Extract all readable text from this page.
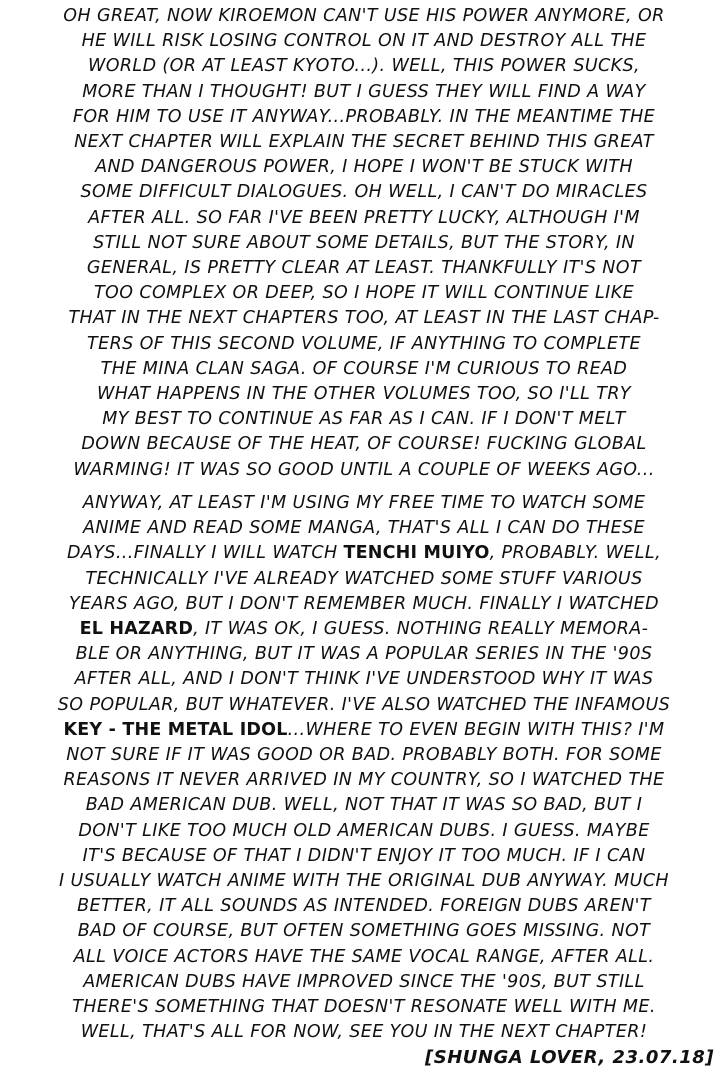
OH GREAT, NOW KIROEMON CAN'T USE HIS POWER ANYMORE, OR
HE WILL RISK LOSING CONTROL ON IT AND DESTROY ALL THE
WORLD (OR AT LEAST KYOTO...). WELL, THIS POWER SUCKS,
MORE THAN I THOUGHT! BUT I GUESS THEY WILL FIND A WAY
FOR HIM TO USE IT ANYWAY...PROBABLY. IN THE MEANTIME THE
NEXT CHAPTER WILL EXPLAIN THE SECRET BEHIND THIS GREAT
AND DANGEROUS POWER, I HOPE I WON'T BE STUCK WITH
SOME DIFFICULT DIALOGUES. OH WELL, I CAN'T DO MIRACLES
AFTER ALL. SO FAR I'VE BEEN PRETTY LUCKY, ALTHOUGH I'M
STILL NOT SURE ABOUT SOME DETAILS, BUT THE STORY, IN
GENERAL, IS PRETTY CLEAR AT LEAST. THANKFULLY IT'S NOT
TOO COMPLEX OR DEEP, SO I HOPE IT WILL CONTINUE LIKE
THAT IN THE NEXT CHAPTERS TOO, AT LEAST IN THE LAST CHAP-
TERS OF THIS SECOND VOLUME, IF ANYTHING TO COMPLETE
THE MINA CLAN SAGA. OF COURSE I'M CURIOUS TO READ
WHAT HAPPENS IN THE OTHER VOLUMES TOO, SO I'LL TRY
MY BEST TO CONTINUE AS FAR AS I CAN. IF I DON'T MELT
DOWN BECAUSE OF THE HEAT, OF COURSE! FUCKING GLOBAL
WARMING! IT WAS SO GOOD UNTIL A COUPLE OF WEEKS AGO...
ANYWAY, AT LEAST I'M USING MY FREE TIME TO WATCH SOME
ANIME AND READ SOME MANGA, THAT'S ALL I CAN DO THESE
DAYS...FINALLY I WILL WATCH TENCHI MUIYO, PROBABLY. WELL,
TECHNICALLY I'VE ALREADY WATCHED SOME STUFF VARIOUS
YEARS AGO, BUT I DON'T REMEMBER MUCH. FINALLY I WATCHED
EL HAZARD, IT WAS OK, I GUESS. NOTHING REALLY MEMORA-
BLE OR ANYTHING, BUT IT WAS A POPULAR SERIES IN THE '90S
AFTER ALL, AND I DON'T THINK I'VE UNDERSTOOD WHY IT WAS
SO POPULAR, BUT WHATEVER. I'VE ALSO WATCHED THE INFAMOUS
KEY - THE METAL IDOL...WHERE TO EVEN BEGIN WITH THIS? I'M
NOT SURE IF IT WAS GOOD OR BAD. PROBABLY BOTH. FOR SOME
REASONS IT NEVER ARRIVED IN MY COUNTRY, SO I WATCHED THE
BAD AMERICAN DUB. WELL, NOT THAT IT WAS SO BAD, BUT I
DON'T LIKE TOO MUCH OLD AMERICAN DUBS. I GUESS. MAYBE
IT'S BECAUSE OF THAT I DIDN'T ENJOY IT TOO MUCH. IF I CAN
I USUALLY WATCH ANIME WITH THE ORIGINAL DUB ANYWAY. MUCH
BETTER, IT ALL SOUNDS AS INTENDED. FOREIGN DUBS AREN'T
BAD OF COURSE, BUT OFTEN SOMETHING GOES MISSING. NOT
ALL VOICE ACTORS HAVE THE SAME VOCAL RANGE, AFTER ALL.
AMERICAN DUBS HAVE IMPROVED SINCE THE '90S, BUT STILL
THERE'S SOMETHING THAT DOESN'T RESONATE WELL WITH ME.
WELL, THAT'S ALL FOR NOW, SEE YOU IN THE NEXT CHAPTER!
[SHUNGA LOVER, 23.07.18]
